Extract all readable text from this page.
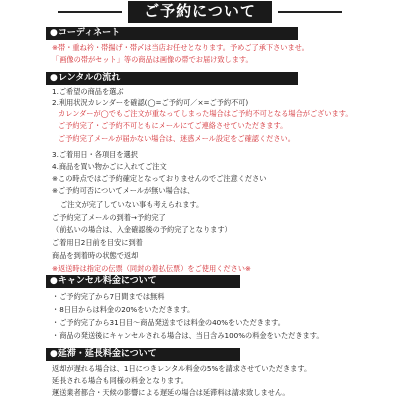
ご予約について
●コーディネート
※帯・重ね衿・帯揚げ・帯〆は当店お任せとなります。予めご了承下さいませ。
「画像の帯がセット」等の商品は画像の帯でお届け致します。
●レンタルの流れ
1.ご希望の商品を選ぶ
2.利用状況カレンダーを確認(◯=ご予約可／×=ご予約不可)
カレンダーが◯でもご注文が重なってしまった場合はご予約不可となる場合がございます。
ご予約完了・ご予約不可ともにメールにてご連絡させていただきます。
ご予約完了メールが届かない場合は、迷惑メール設定をご確認ください。
3.ご着用日・各項目を選択
4.商品を買い物かごに入れてご注文
※この時点ではご予約確定となっておりませんのでご注意ください
※ご予約可否についてメールが無い場合は、
ご注文が完了していない事も考えられます。
ご予約完了メールの到着→予約完了
（前払いの場合は、入金確認後の予約完了となります）
ご着用日2日前を目安に到着
商品を到着時の状態で返却
※返送時は指定の伝票（同封の着払伝票）をご使用ください※
●キャンセル料金について
・ご予約完了から7日間までは無料
・8日目からは料金の20%をいただきます。
・ご予約完了から31日目～商品発送までは料金の40%をいただきます。
・商品の発送後にキャンセルされる場合は、当日含み100%の料金をいただきます。
●延滞・延長料金について
返却が遅れる場合は、1日につきレンタル料金の5%を請求させていただきます。
延長される場合も同様の料金となります。
運送業者都合・天候の影響による遅延の場合は延滞料は請求致しません。
